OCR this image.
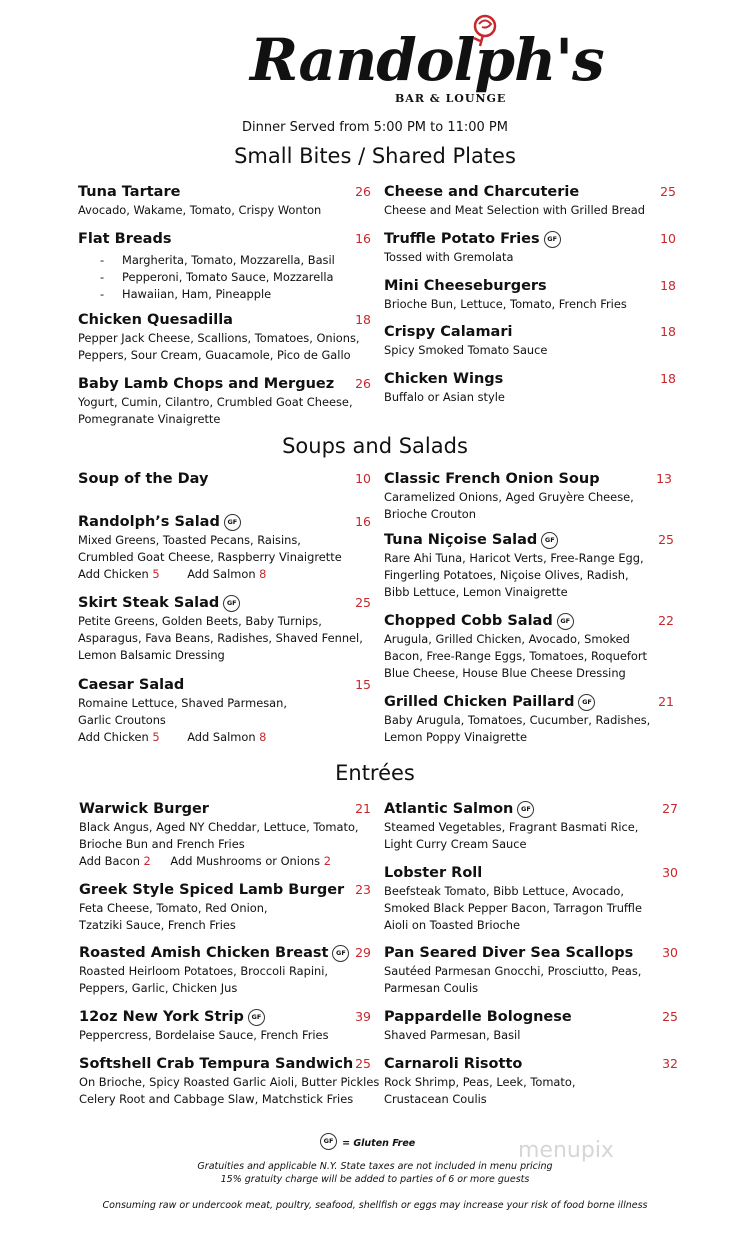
Randolph's
BAR & LOUNGE
Dinner Served from 5:00 PM to 11:00 PM
Small Bites / Shared Plates
Tuna Tartare	26
Avocado, Wakame, Tomato, Crispy Wonton
Flat Breads	16
- Margherita, Tomato, Mozzarella, Basil
- Pepperoni, Tomato Sauce, Mozzarella
- Hawaiian, Ham, Pineapple
Chicken Quesadilla	18
Pepper Jack Cheese, Scallions, Tomatoes, Onions,
Peppers, Sour Cream, Guacamole, Pico de Gallo
Baby Lamb Chops and Merguez	26
Yogurt, Cumin, Cilantro, Crumbled Goat Cheese,
Pomegranate Vinaigrette
Cheese and Charcuterie	25
Cheese and Meat Selection with Grilled Bread
Truffle Potato Fries GF	10
Tossed with Gremolata
Mini Cheeseburgers	18
Brioche Bun, Lettuce, Tomato, French Fries
Crispy Calamari	18
Spicy Smoked Tomato Sauce
Chicken Wings	18
Buffalo or Asian style
Soups and Salads
Soup of the Day	10
Randolph’s Salad GF	16
Mixed Greens, Toasted Pecans, Raisins,
Crumbled Goat Cheese, Raspberry Vinaigrette
Add Chicken 5 Add Salmon 8
Skirt Steak Salad GF	25
Petite Greens, Golden Beets, Baby Turnips,
Asparagus, Fava Beans, Radishes, Shaved Fennel,
Lemon Balsamic Dressing
Caesar Salad	15
Romaine Lettuce, Shaved Parmesan,
Garlic Croutons
Add Chicken 5 Add Salmon 8
Classic French Onion Soup	13
Caramelized Onions, Aged Gruyère Cheese,
Brioche Crouton
Tuna Niçoise Salad GF	25
Rare Ahi Tuna, Haricot Verts, Free-Range Egg,
Fingerling Potatoes, Niçoise Olives, Radish,
Bibb Lettuce, Lemon Vinaigrette
Chopped Cobb Salad GF	22
Arugula, Grilled Chicken, Avocado, Smoked
Bacon, Free-Range Eggs, Tomatoes, Roquefort
Blue Cheese, House Blue Cheese Dressing
Grilled Chicken Paillard GF	21
Baby Arugula, Tomatoes, Cucumber, Radishes,
Lemon Poppy Vinaigrette
Entrées
Warwick Burger	21
Black Angus, Aged NY Cheddar, Lettuce, Tomato,
Brioche Bun and French Fries
Add Bacon 2 Add Mushrooms or Onions 2
Greek Style Spiced Lamb Burger 23
Feta Cheese, Tomato, Red Onion,
Tzatziki Sauce, French Fries
Roasted Amish Chicken Breast GF 29
Roasted Heirloom Potatoes, Broccoli Rapini,
Peppers, Garlic, Chicken Jus
12oz New York Strip GF	39
Peppercress, Bordelaise Sauce, French Fries
Softshell Crab Tempura Sandwich 25
On Brioche, Spicy Roasted Garlic Aioli, Butter Pickles
Celery Root and Cabbage Slaw, Matchstick Fries
Atlantic Salmon GF	27
Steamed Vegetables, Fragrant Basmati Rice,
Light Curry Cream Sauce
Lobster Roll	30
Beefsteak Tomato, Bibb Lettuce, Avocado,
Smoked Black Pepper Bacon, Tarragon Truffle
Aioli on Toasted Brioche
Pan Seared Diver Sea Scallops	30
Sautéed Parmesan Gnocchi, Prosciutto, Peas,
Parmesan Coulis
Pappardelle Bolognese	25
Shaved Parmesan, Basil
Carnaroli Risotto	32
Rock Shrimp, Peas, Leek, Tomato,
Crustacean Coulis
GF = Gluten Free	menupix
Gratuities and applicable N.Y. State taxes are not included in menu pricing
15% gratuity charge will be added to parties of 6 or more guests
Consuming raw or undercook meat, poultry, seafood, shellfish or eggs may increase your risk of food borne illness
